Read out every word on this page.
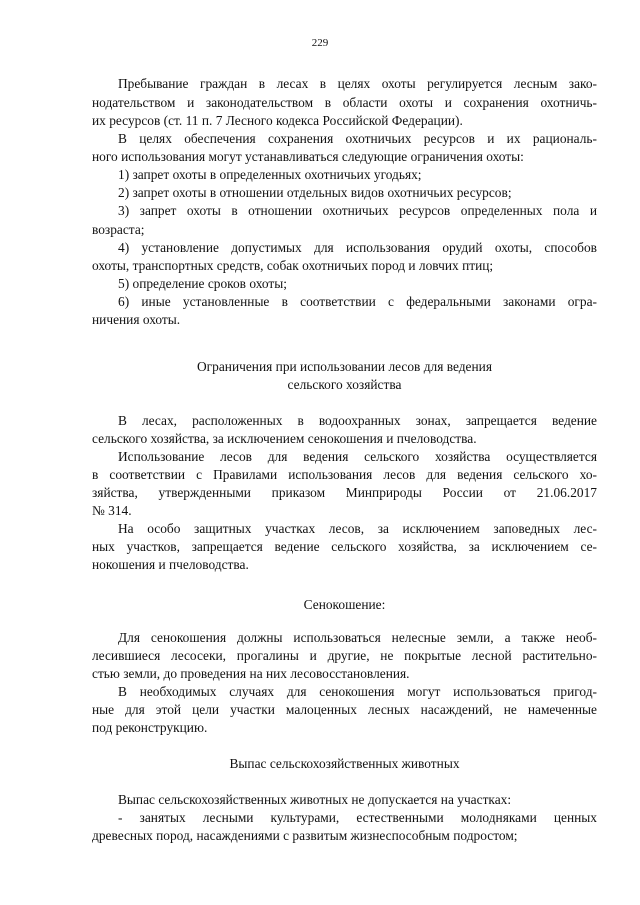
229
Пребывание граждан в лесах в целях охоты регулируется лесным зако-
нодательством и законодательством в области охоты и сохранения охотничь-
их ресурсов (ст. 11 п. 7 Лесного кодекса Российской Федерации).
В целях обеспечения сохранения охотничьих ресурсов и их рациональ-
ного использования могут устанавливаться следующие ограничения охоты:
1) запрет охоты в определенных охотничьих угодьях;
2) запрет охоты в отношении отдельных видов охотничьих ресурсов;
3) запрет охоты в отношении охотничьих ресурсов определенных пола и
возраста;
4) установление допустимых для использования орудий охоты, способов
охоты, транспортных средств, собак охотничьих пород и ловчих птиц;
5) определение сроков охоты;
6) иные установленные в соответствии с федеральными законами огра-
ничения охоты.
Ограничения при использовании лесов для ведения
сельского хозяйства
В лесах, расположенных в водоохранных зонах, запрещается ведение
сельского хозяйства, за исключением сенокошения и пчеловодства.
Использование лесов для ведения сельского хозяйства осуществляется
в соответствии с Правилами использования лесов для ведения сельского хо-
зяйства, утвержденными приказом Минприроды России от 21.06.2017
№ 314.
На особо защитных участках лесов, за исключением заповедных лес-
ных участков, запрещается ведение сельского хозяйства, за исключением се-
нокошения и пчеловодства.
Сенокошение:
Для сенокошения должны использоваться нелесные земли, а также необ-
лесившиеся лесосеки, прогалины и другие, не покрытые лесной растительно-
стью земли, до проведения на них лесовосстановления.
В необходимых случаях для сенокошения могут использоваться пригод-
ные для этой цели участки малоценных лесных насаждений, не намеченные
под реконструкцию.
Выпас сельскохозяйственных животных
Выпас сельскохозяйственных животных не допускается на участках:
- занятых лесными культурами, естественными молодняками ценных
древесных пород, насаждениями с развитым жизнеспособным подростом;
